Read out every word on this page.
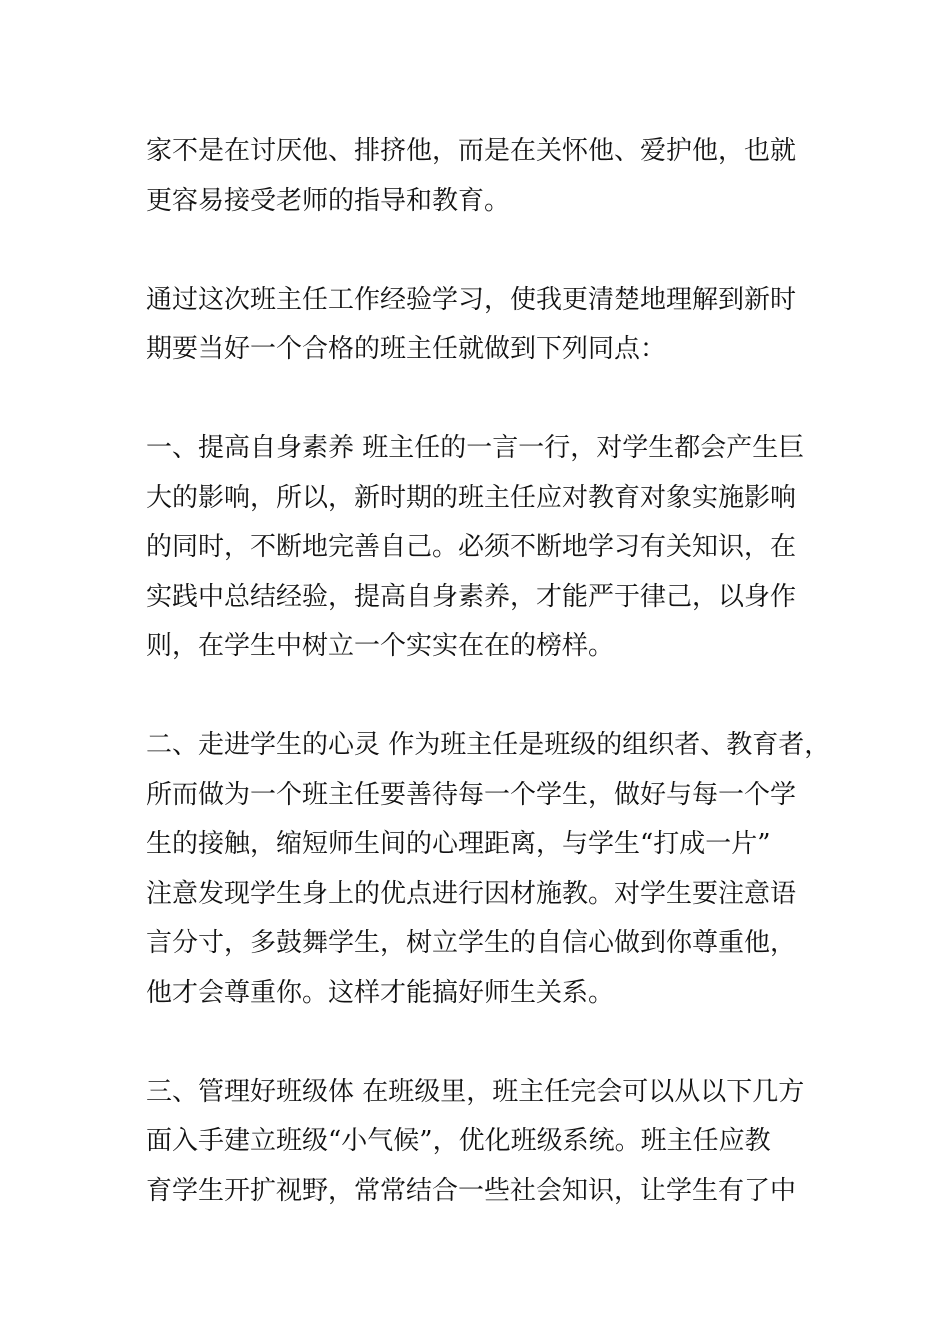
家不是在讨厌他、排挤他，而是在关怀他、爱护他，也就
更容易接受老师的指导和教育。
通过这次班主任工作经验学习，使我更清楚地理解到新时
期要当好一个合格的班主任就做到下列同点：
一、提高自身素养 班主任的一言一行，对学生都会产生巨
大的影响，所以，新时期的班主任应对教育对象实施影响
的同时，不断地完善自己。必须不断地学习有关知识，在
实践中总结经验，提高自身素养，才能严于律己，以身作
则，在学生中树立一个实实在在的榜样。
二、走进学生的心灵 作为班主任是班级的组织者、教育者，
所而做为一个班主任要善待每一个学生，做好与每一个学
生的接触，缩短师生间的心理距离，与学生“打成一片”
注意发现学生身上的优点进行因材施教。对学生要注意语
言分寸，多鼓舞学生，树立学生的自信心做到你尊重他，
他才会尊重你。这样才能搞好师生关系。
三、管理好班级体 在班级里，班主任完会可以从以下几方
面入手建立班级“小气候”，优化班级系统。班主任应教
育学生开扩视野，常常结合一些社会知识，让学生有了中
